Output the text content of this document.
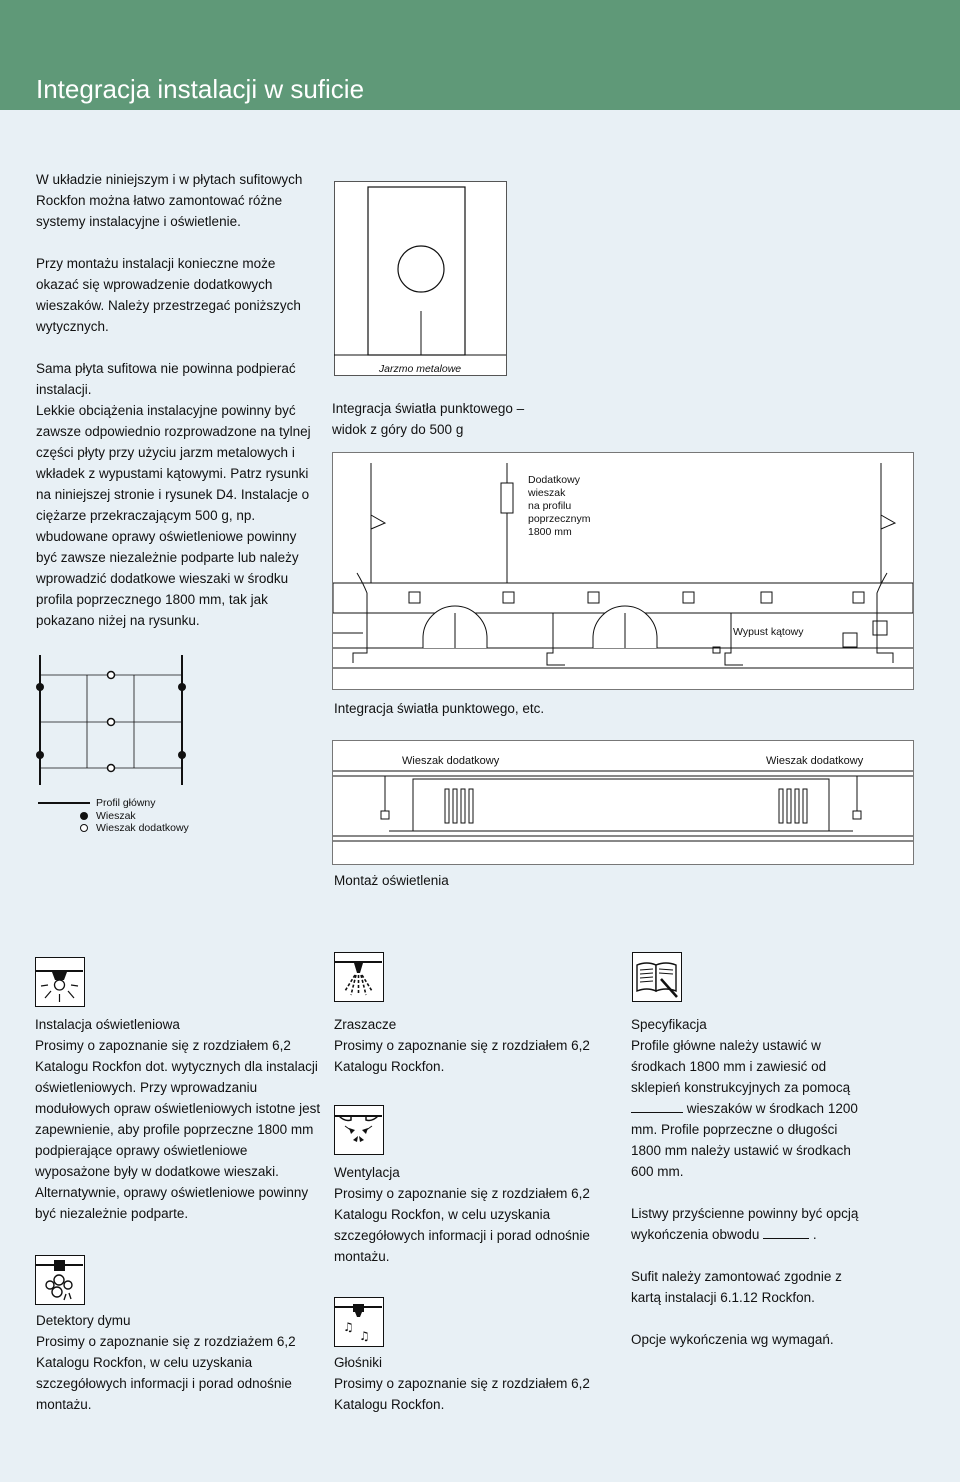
Integracja instalacji w suficie

W układzie niniejszym i w płytach sufitowych Rockfon można łatwo zamontować różne systemy instalacyjne i oświetlenie.

Przy montażu instalacji konieczne może okazać się wprowadzenie dodatkowych wieszaków. Należy przestrzegać poniższych wytycznych.

Sama płyta sufitowa nie powinna podpierać instalacji.

Lekkie obciążenia instalacyjne powinny być zawsze odpowiednio rozprowadzone na tylnej części płyty przy użyciu jarzm metalowych i wkładek z wypustami kątowymi. Patrz rysunki na niniejszej stronie i rysunek D4. Instalacje o ciężarze przekraczającym 500 g, np. wbudowane oprawy oświetleniowe powinny być zawsze niezależnie podparte lub należy wprowadzić dodatkowe wieszaki w środku profila poprzecznego 1800 mm, tak jak pokazano niżej na rysunku.

Jarzmo metalowe
Integracja światła punktowego –
widok z góry do 500 g
Dodatkowy
wieszak
na profilu
poprzecznym
1800 mm
Wypust kątowy
Integracja światła punktowego, etc.
Profil główny
Wieszak
Wieszak dodatkowy
Wieszak dodatkowy	Wieszak dodatkowy
Montaż oświetlenia
♫
♫
Instalacja oświetleniowa

Prosimy o zapoznanie się z rozdziałem 6,2 Katalogu Rockfon dot. wytycznych dla instalacji oświetleniowych. Przy wprowadzaniu modułowych opraw oświetleniowych istotne jest zapewnienie, aby profile poprzeczne 1800 mm podpierające oprawy oświetleniowe wyposażone były w dodatkowe wieszaki. Alternatywnie, oprawy oświetleniowe powinny być niezależnie podparte.

Detektory dymu

Prosimy o zapoznanie się z rozdziażem 6,2 Katalogu Rockfon, w celu uzyskania szczegółowych informacji i porad odnośnie montażu.

Zraszacze

Prosimy o zapoznanie się z rozdziałem 6,2 Katalogu Rockfon.

Wentylacja

Prosimy o zapoznanie się z rozdziałem 6,2 Katalogu Rockfon, w celu uzyskania szczegółowych informacji i porad odnośnie montażu.

Głośniki

Prosimy o zapoznanie się z rozdziałem 6,2 Katalogu Rockfon.

Specyfikacja

Profile główne należy ustawić w środkach 1800 mm i zawiesić od sklepień konstrukcyjnych za pomocą  wieszaków w środkach 1200 mm. Profile poprzeczne o długości 1800 mm należy ustawić w środkach 600 mm.

Listwy przyścienne powinny być opcją wykończenia obwodu	.

Sufit należy zamontować zgodnie z kartą instalacji 6.1.12 Rockfon.

Opcje wykończenia wg wymagań.
